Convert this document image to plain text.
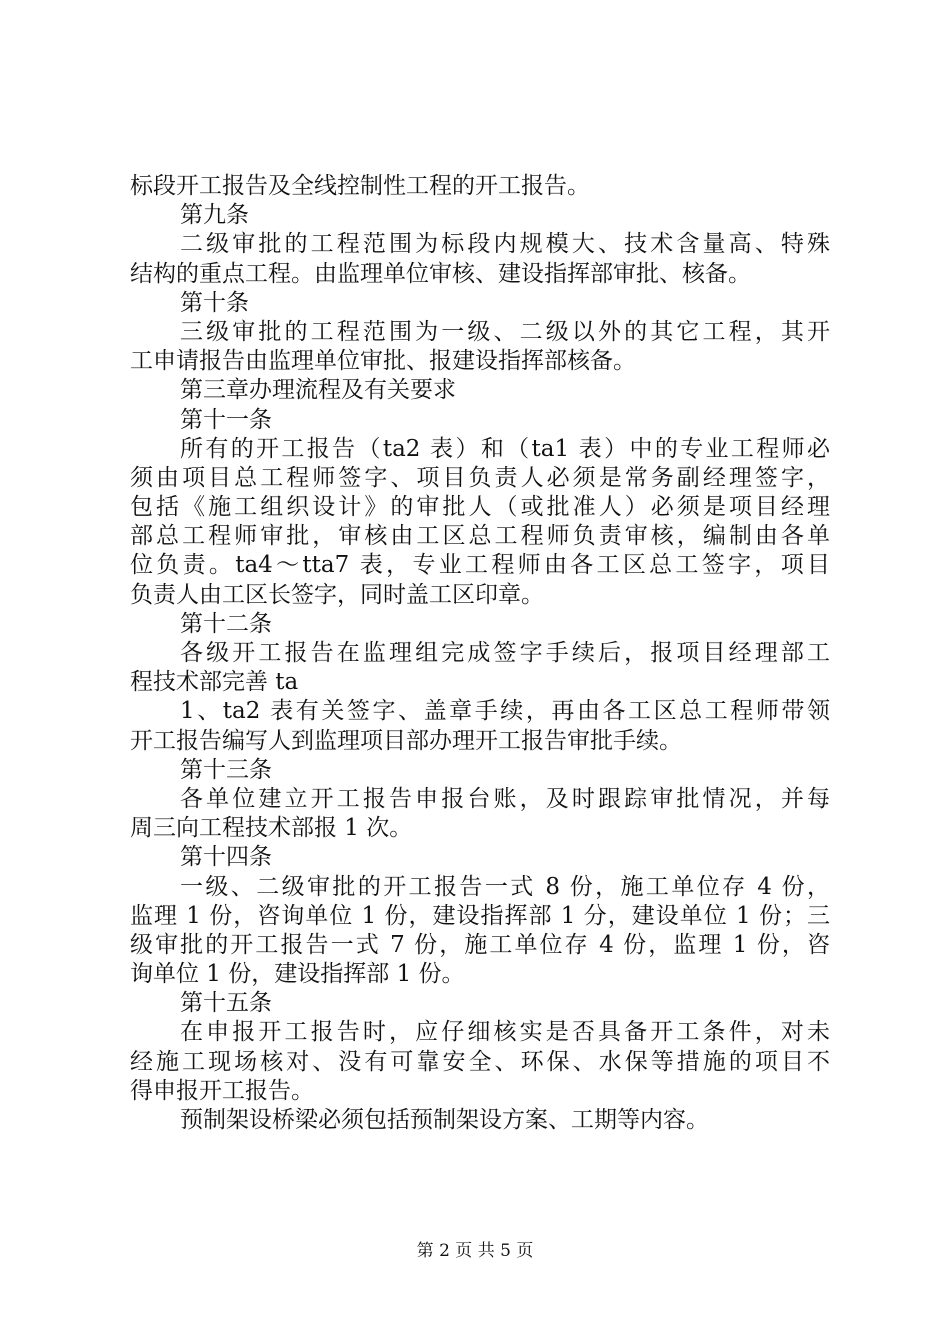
标段开工报告及全线控制性工程的开工报告。
第九条
二级审批的工程范围为标段内规模大、技术含量高、特殊
结构的重点工程。由监理单位审核、建设指挥部审批、核备。
第十条
三级审批的工程范围为一级、二级以外的其它工程，其开
工申请报告由监理单位审批、报建设指挥部核备。
第三章办理流程及有关要求
第十一条
所有的开工报告（ta2 表）和（ta1 表）中的专业工程师必
须由项目总工程师签字、项目负责人必须是常务副经理签字，
包括《施工组织设计》的审批人（或批准人）必须是项目经理
部总工程师审批，审核由工区总工程师负责审核，编制由各单
位负责。ta4～tta7 表，专业工程师由各工区总工签字，项目
负责人由工区长签字，同时盖工区印章。
第十二条
各级开工报告在监理组完成签字手续后，报项目经理部工
程技术部完善 ta
1、ta2 表有关签字、盖章手续，再由各工区总工程师带领
开工报告编写人到监理项目部办理开工报告审批手续。
第十三条
各单位建立开工报告申报台账，及时跟踪审批情况，并每
周三向工程技术部报 1 次。
第十四条
一级、二级审批的开工报告一式 8 份，施工单位存 4 份，
监理 1 份，咨询单位 1 份，建设指挥部 1 分，建设单位 1 份；三
级审批的开工报告一式 7 份，施工单位存 4 份，监理 1 份，咨
询单位 1 份，建设指挥部 1 份。
第十五条
在申报开工报告时，应仔细核实是否具备开工条件，对未
经施工现场核对、没有可靠安全、环保、水保等措施的项目不
得申报开工报告。
预制架设桥梁必须包括预制架设方案、工期等内容。
第 2 页 共 5 页
